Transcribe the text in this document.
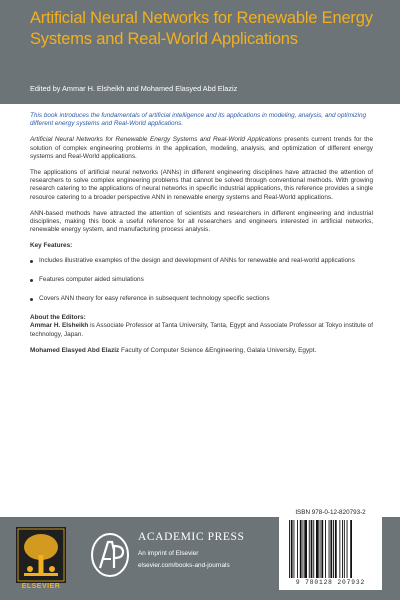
Artificial Neural Networks for Renewable Energy Systems and Real-World Applications

Edited by Ammar H. Elsheikh and Mohamed Elasyed Abd Elaziz

This book introduces the fundamentals of artificial intelligence and its applications in modeling, analysis, and optimizing different energy systems and Real-World applications.

Artificial Neural Networks for Renewable Energy Systems and Real-World Applications presents current trends for the solution of complex engineering problems in the application, modeling, analysis, and optimization of different energy systems and Real-World applications.

The applications of artificial neural networks (ANNs) in different engineering disciplines have attracted the attention of researchers to solve complex engineering problems that cannot be solved through conventional methods. With growing research catering to the applications of neural networks in specific industrial applications, this reference provides a single resource catering to a broader perspective ANN in renewable energy systems and Real-World applications.

ANN-based methods have attracted the attention of scientists and researchers in different engineering and industrial disciplines, making this book a useful reference for all researchers and engineers interested in artificial networks, renewable energy system, and manufacturing process analysis.

Key Features:
Includes illustrative examples of the design and development of ANNs for renewable and real-world applications
Features computer aided simulations
Covers ANN theory for easy reference in subsequent technology specific sections
About the Editors:

Ammar H. Elsheikh is Associate Professor at Tanta University, Tanta, Egypt and Associate Professor at Tokyo institute of technology, Japan.

Mohamed Elasyed Abd Elaziz Faculty of Computer Science &Engineering, Galala University, Egypt.

ELSEVIER
ACADEMIC PRESS
An imprint of Elsevier
elsevier.com/books-and-journals
ISBN 978-0-12-820793-2
9 780128 207932
